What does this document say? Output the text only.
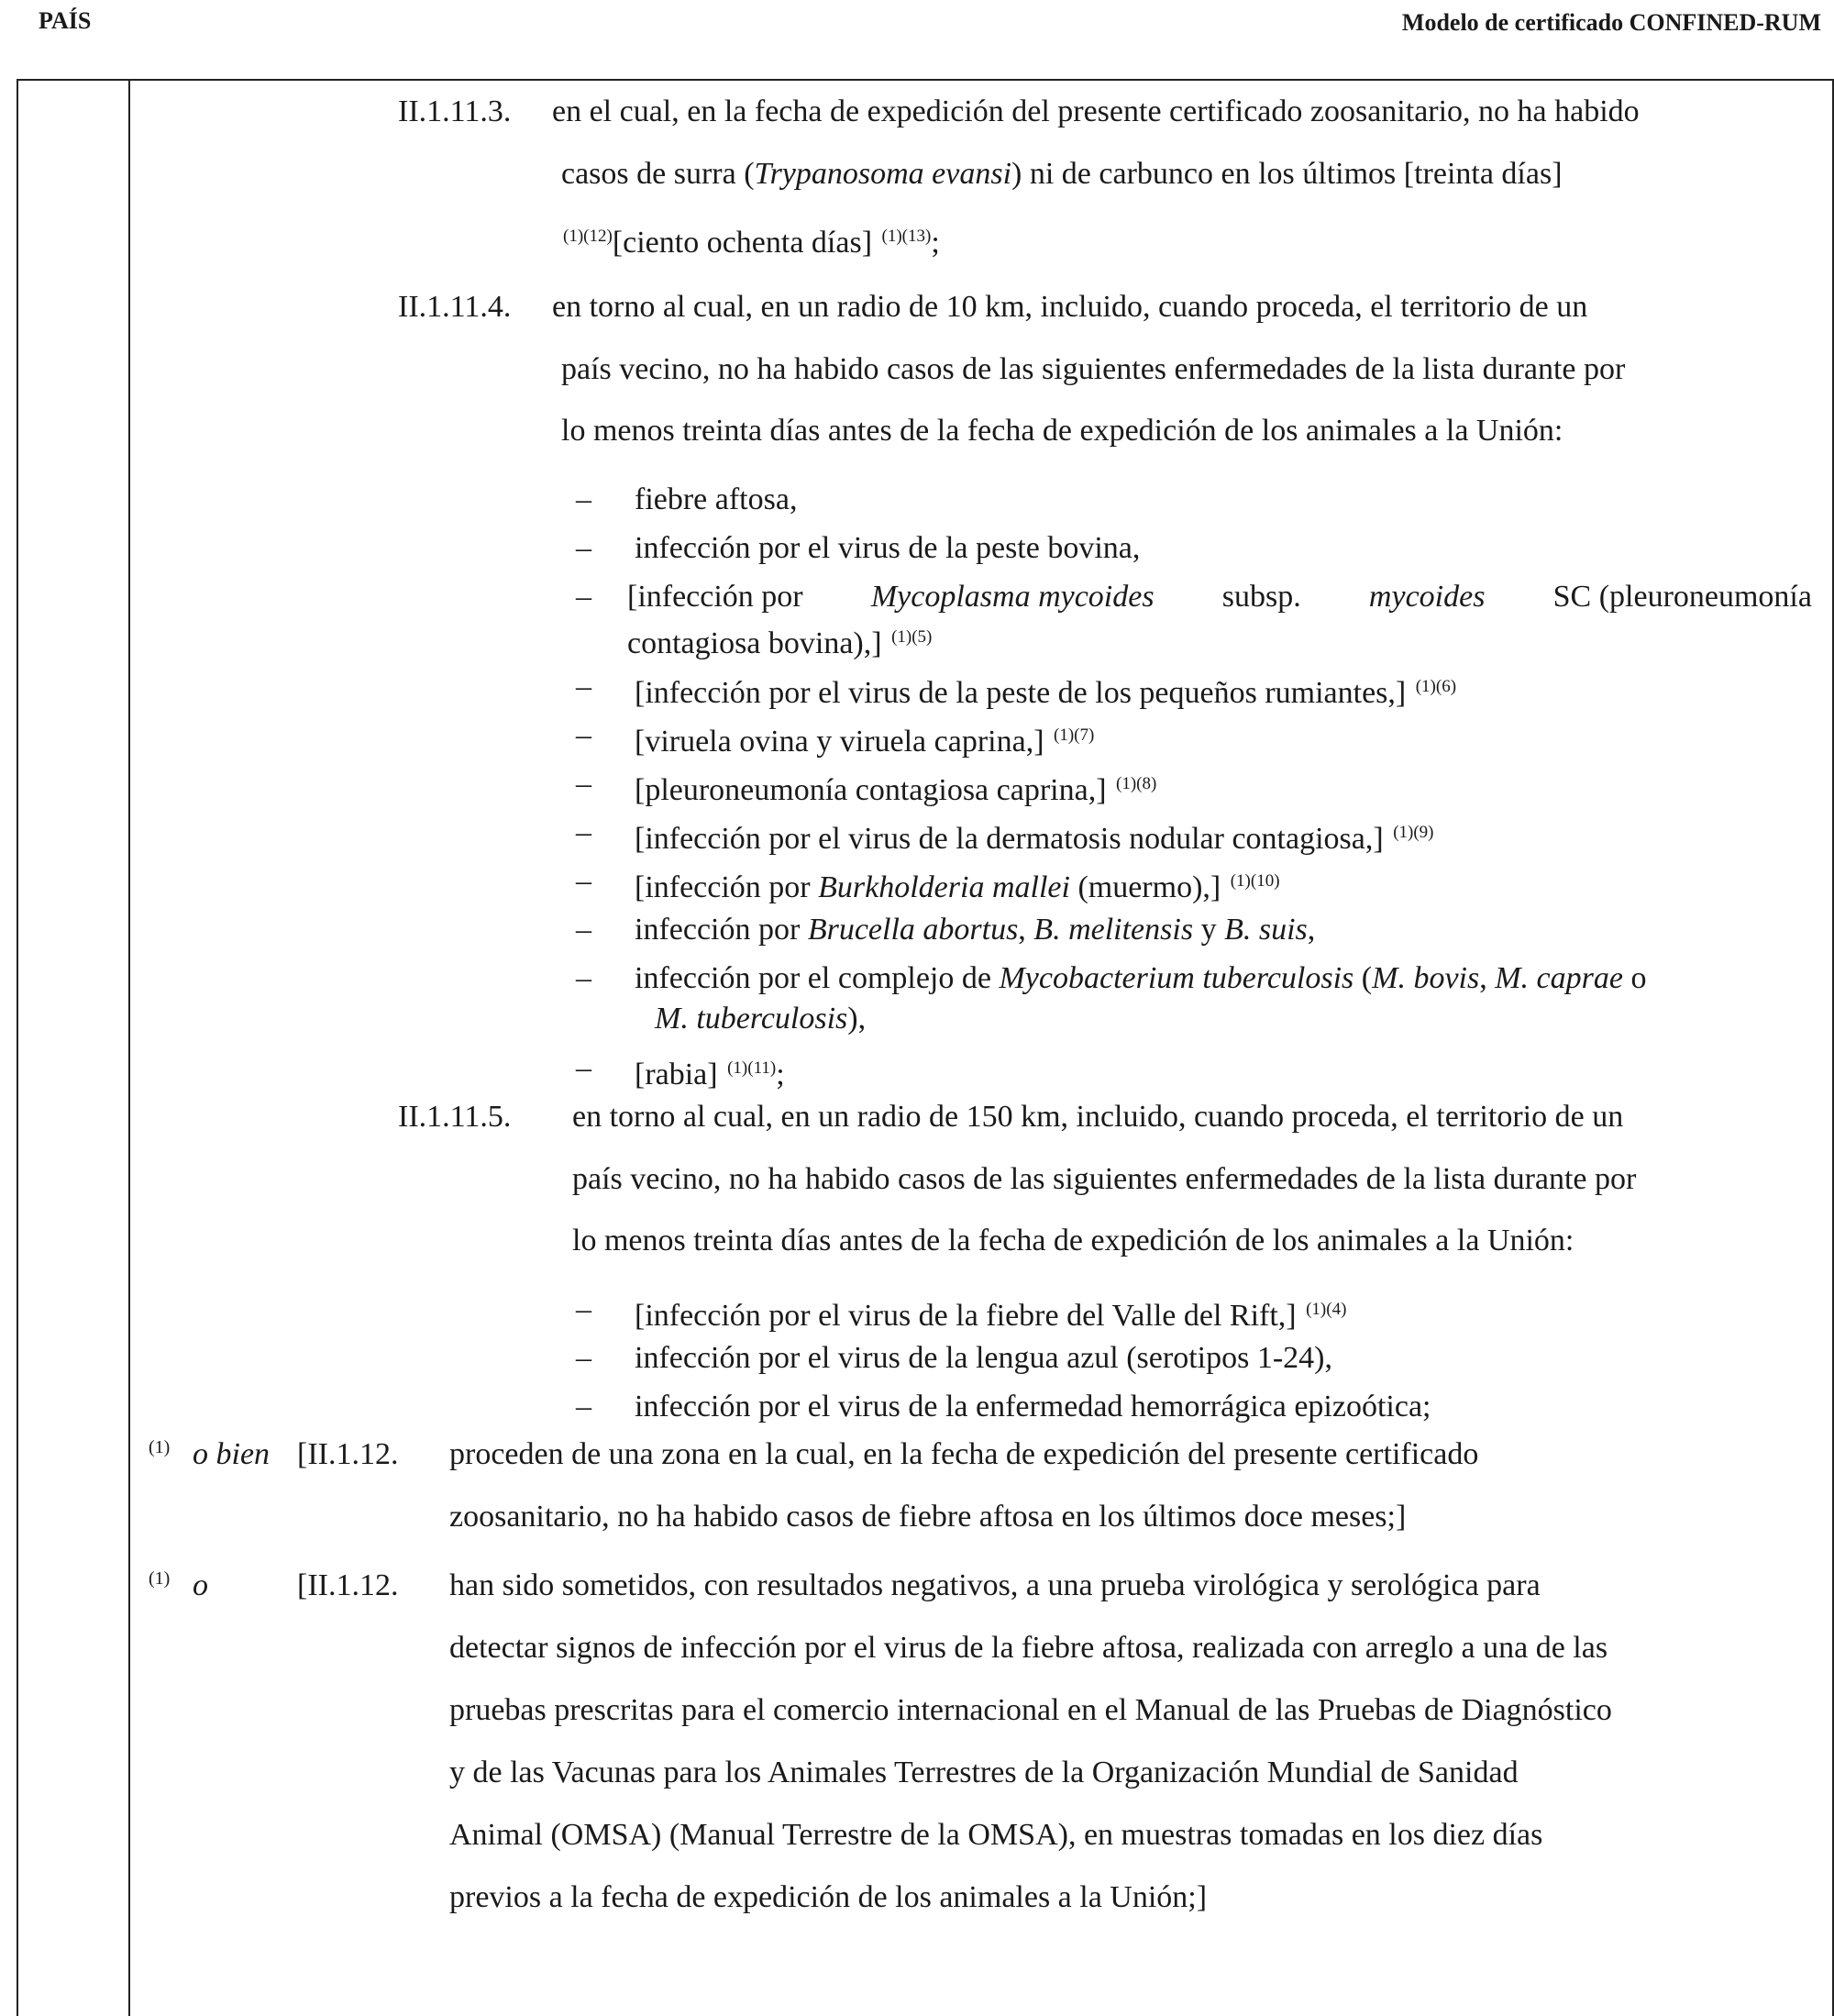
PAÍS	Modelo de certificado CONFINED-RUM
II.1.11.3. en el cual, en la fecha de expedición del presente certificado zoosanitario, no ha habido
casos de surra (Trypanosoma evansi) ni de carbunco en los últimos [treinta días]
$^{(1)(12)}$[ciento ochenta días] $^{(1)(13)}$;
II.1.11.4. en torno al cual, en un radio de 10 km, incluido, cuando proceda, el territorio de un
país vecino, no ha habido casos de las siguientes enfermedades de la lista durante por
lo menos treinta días antes de la fecha de expedición de los animales a la Unión:
– fiebre aftosa,
– infección por el virus de la peste bovina,
– [infección por Mycoplasma mycoides subsp. mycoides SC (pleuroneumonía
contagiosa bovina),] $^{(1)(5)}$
– [infección por el virus de la peste de los pequeños rumiantes,] $^{(1)(6)}$
– [viruela ovina y viruela caprina,] $^{(1)(7)}$
– [pleuroneumonía contagiosa caprina,] $^{(1)(8)}$
– [infección por el virus de la dermatosis nodular contagiosa,] $^{(1)(9)}$
– [infección por Burkholderia mallei (muermo),] $^{(1)(10)}$
– infección por Brucella abortus, B. melitensis y B. suis,
– infección por el complejo de Mycobacterium tuberculosis (M. bovis, M. caprae o
M. tuberculosis),
– [rabia] $^{(1)(11)}$;
II.1.11.5. en torno al cual, en un radio de 150 km, incluido, cuando proceda, el territorio de un
país vecino, no ha habido casos de las siguientes enfermedades de la lista durante por
lo menos treinta días antes de la fecha de expedición de los animales a la Unión:
– [infección por el virus de la fiebre del Valle del Rift,] $^{(1)(4)}$
– infección por el virus de la lengua azul (serotipos 1-24),
– infección por el virus de la enfermedad hemorrágica epizoótica;
(1) o bien [II.1.12. proceden de una zona en la cual, en la fecha de expedición del presente certificado
zoosanitario, no ha habido casos de fiebre aftosa en los últimos doce meses;]
(1) o	[II.1.12. han sido sometidos, con resultados negativos, a una prueba virológica y serológica para
detectar signos de infección por el virus de la fiebre aftosa, realizada con arreglo a una de las
pruebas prescritas para el comercio internacional en el Manual de las Pruebas de Diagnóstico
y de las Vacunas para los Animales Terrestres de la Organización Mundial de Sanidad
Animal (OMSA) (Manual Terrestre de la OMSA), en muestras tomadas en los diez días
previos a la fecha de expedición de los animales a la Unión;]
